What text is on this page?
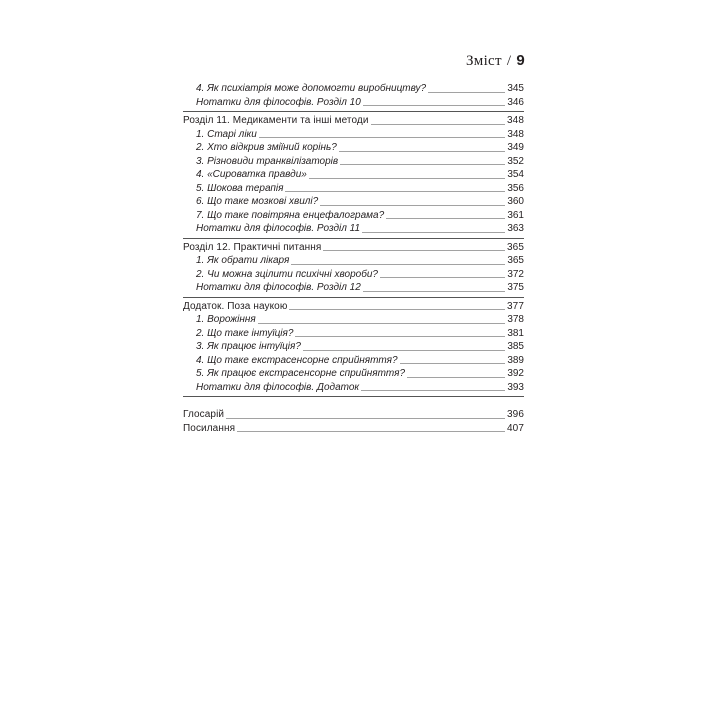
Зміст / 9
4. Як психіатрія може допомогти виробництву?	345
Нотатки для філософів. Розділ 10	346
Розділ 11. Медикаменти та інші методи	348
1. Старі ліки	348
2. Хто відкрив зміїний корінь?	349
3. Різновиди транквілізаторів	352
4. «Сироватка правди»	354
5. Шокова терапія	356
6. Що таке мозкові хвилі?	360
7. Що таке повітряна енцефалограма?	361
Нотатки для філософів. Розділ 11	363
Розділ 12. Практичні питання	365
1. Як обрати лікаря	365
2. Чи можна зцілити психічні хвороби?	372
Нотатки для філософів. Розділ 12	375
Додаток. Поза наукою	377
1. Ворожіння	378
2. Що таке інтуїція?	381
3. Як працює інтуїція?	385
4. Що таке екстрасенсорне сприйняття?	389
5. Як працює екстрасенсорне сприйняття?	392
Нотатки для філософів. Додаток	393
Глосарій	396
Посилання	407
